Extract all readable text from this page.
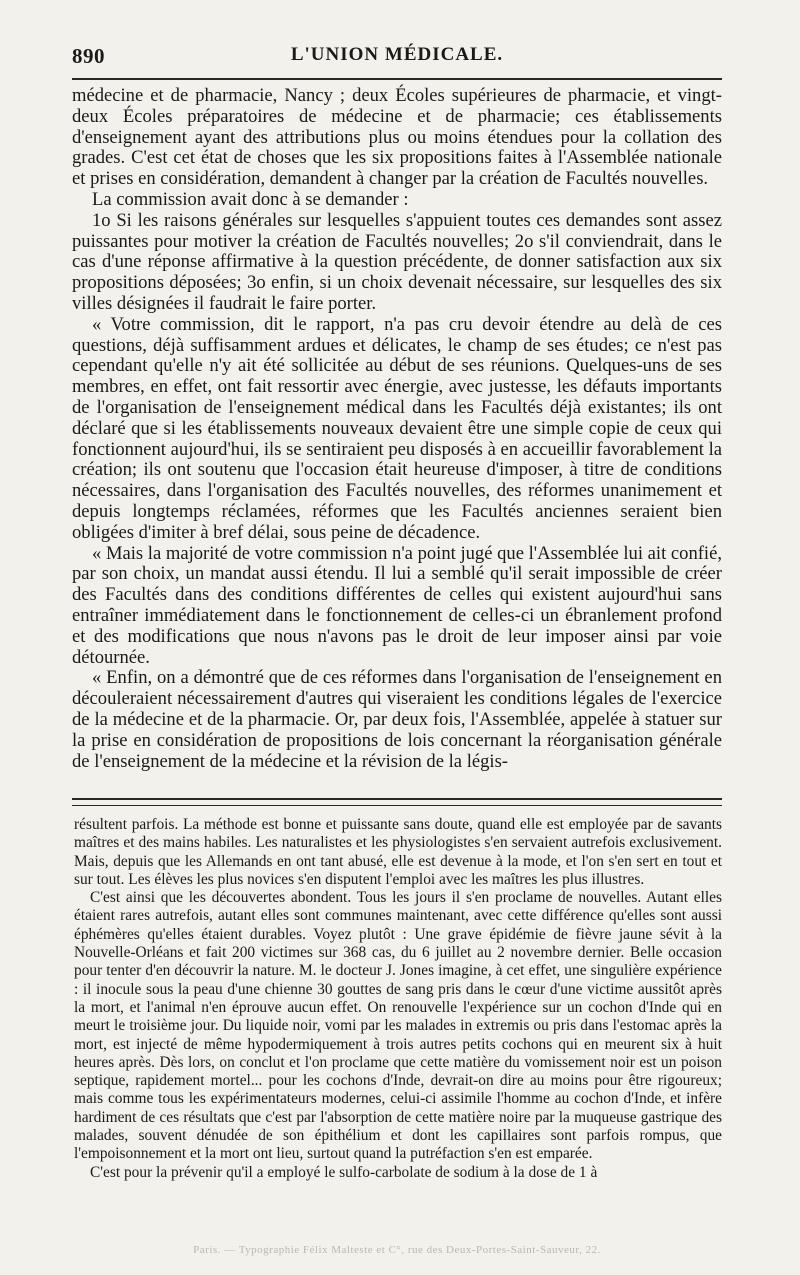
890	L'UNION MÉDICALE.

médecine et de pharmacie, Nancy ; deux Écoles supérieures de pharmacie, et vingt-deux Écoles préparatoires de médecine et de pharmacie; ces établissements d'enseignement ayant des attributions plus ou moins étendues pour la collation des grades. C'est cet état de choses que les six propositions faites à l'Assemblée nationale et prises en considération, demandent à changer par la création de Facultés nouvelles.

La commission avait donc à se demander :

1o Si les raisons générales sur lesquelles s'appuient toutes ces demandes sont assez puissantes pour motiver la création de Facultés nouvelles; 2o s'il conviendrait, dans le cas d'une réponse affirmative à la question précédente, de donner satisfaction aux six propositions déposées; 3o enfin, si un choix devenait nécessaire, sur lesquelles des six villes désignées il faudrait le faire porter.

« Votre commission, dit le rapport, n'a pas cru devoir étendre au delà de ces questions, déjà suffisamment ardues et délicates, le champ de ses études; ce n'est pas cependant qu'elle n'y ait été sollicitée au début de ses réunions. Quelques-uns de ses membres, en effet, ont fait ressortir avec énergie, avec justesse, les défauts importants de l'organisation de l'enseignement médical dans les Facultés déjà existantes; ils ont déclaré que si les établissements nouveaux devaient être une simple copie de ceux qui fonctionnent aujourd'hui, ils se sentiraient peu disposés à en accueillir favorablement la création; ils ont soutenu que l'occasion était heureuse d'imposer, à titre de conditions nécessaires, dans l'organisation des Facultés nouvelles, des réformes unanimement et depuis longtemps réclamées, réformes que les Facultés anciennes seraient bien obligées d'imiter à bref délai, sous peine de décadence.

« Mais la majorité de votre commission n'a point jugé que l'Assemblée lui ait confié, par son choix, un mandat aussi étendu. Il lui a semblé qu'il serait impossible de créer des Facultés dans des conditions différentes de celles qui existent aujourd'hui sans entraîner immédiatement dans le fonctionnement de celles-ci un ébranlement profond et des modifications que nous n'avons pas le droit de leur imposer ainsi par voie détournée.

« Enfin, on a démontré que de ces réformes dans l'organisation de l'enseignement en découleraient nécessairement d'autres qui viseraient les conditions légales de l'exercice de la médecine et de la pharmacie. Or, par deux fois, l'Assemblée, appelée à statuer sur la prise en considération de propositions de lois concernant la réorganisation générale de l'enseignement de la médecine et la révision de la légis-

résultent parfois. La méthode est bonne et puissante sans doute, quand elle est employée par de savants maîtres et des mains habiles. Les naturalistes et les physiologistes s'en servaient autrefois exclusivement. Mais, depuis que les Allemands en ont tant abusé, elle est devenue à la mode, et l'on s'en sert en tout et sur tout. Les élèves les plus novices s'en disputent l'emploi avec les maîtres les plus illustres.

C'est ainsi que les découvertes abondent. Tous les jours il s'en proclame de nouvelles. Autant elles étaient rares autrefois, autant elles sont communes maintenant, avec cette différence qu'elles sont aussi éphémères qu'elles étaient durables. Voyez plutôt : Une grave épidémie de fièvre jaune sévit à la Nouvelle-Orléans et fait 200 victimes sur 368 cas, du 6 juillet au 2 novembre dernier. Belle occasion pour tenter d'en découvrir la nature. M. le docteur J. Jones imagine, à cet effet, une singulière expérience : il inocule sous la peau d'une chienne 30 gouttes de sang pris dans le cœur d'une victime aussitôt après la mort, et l'animal n'en éprouve aucun effet. On renouvelle l'expérience sur un cochon d'Inde qui en meurt le troisième jour. Du liquide noir, vomi par les malades in extremis ou pris dans l'estomac après la mort, est injecté de même hypodermiquement à trois autres petits cochons qui en meurent six à huit heures après. Dès lors, on conclut et l'on proclame que cette matière du vomissement noir est un poison septique, rapidement mortel... pour les cochons d'Inde, devrait-on dire au moins pour être rigoureux; mais comme tous les expérimentateurs modernes, celui-ci assimile l'homme au cochon d'Inde, et infère hardiment de ces résultats que c'est par l'absorption de cette matière noire par la muqueuse gastrique des malades, souvent dénudée de son épithélium et dont les capillaires sont parfois rompus, que l'empoisonnement et la mort ont lieu, surtout quand la putréfaction s'en est emparée.

C'est pour la prévenir qu'il a employé le sulfo-carbolate de sodium à la dose de 1 à

Paris. — Typographie Félix Malteste et C°, rue des Deux-Portes-Saint-Sauveur, 22.
